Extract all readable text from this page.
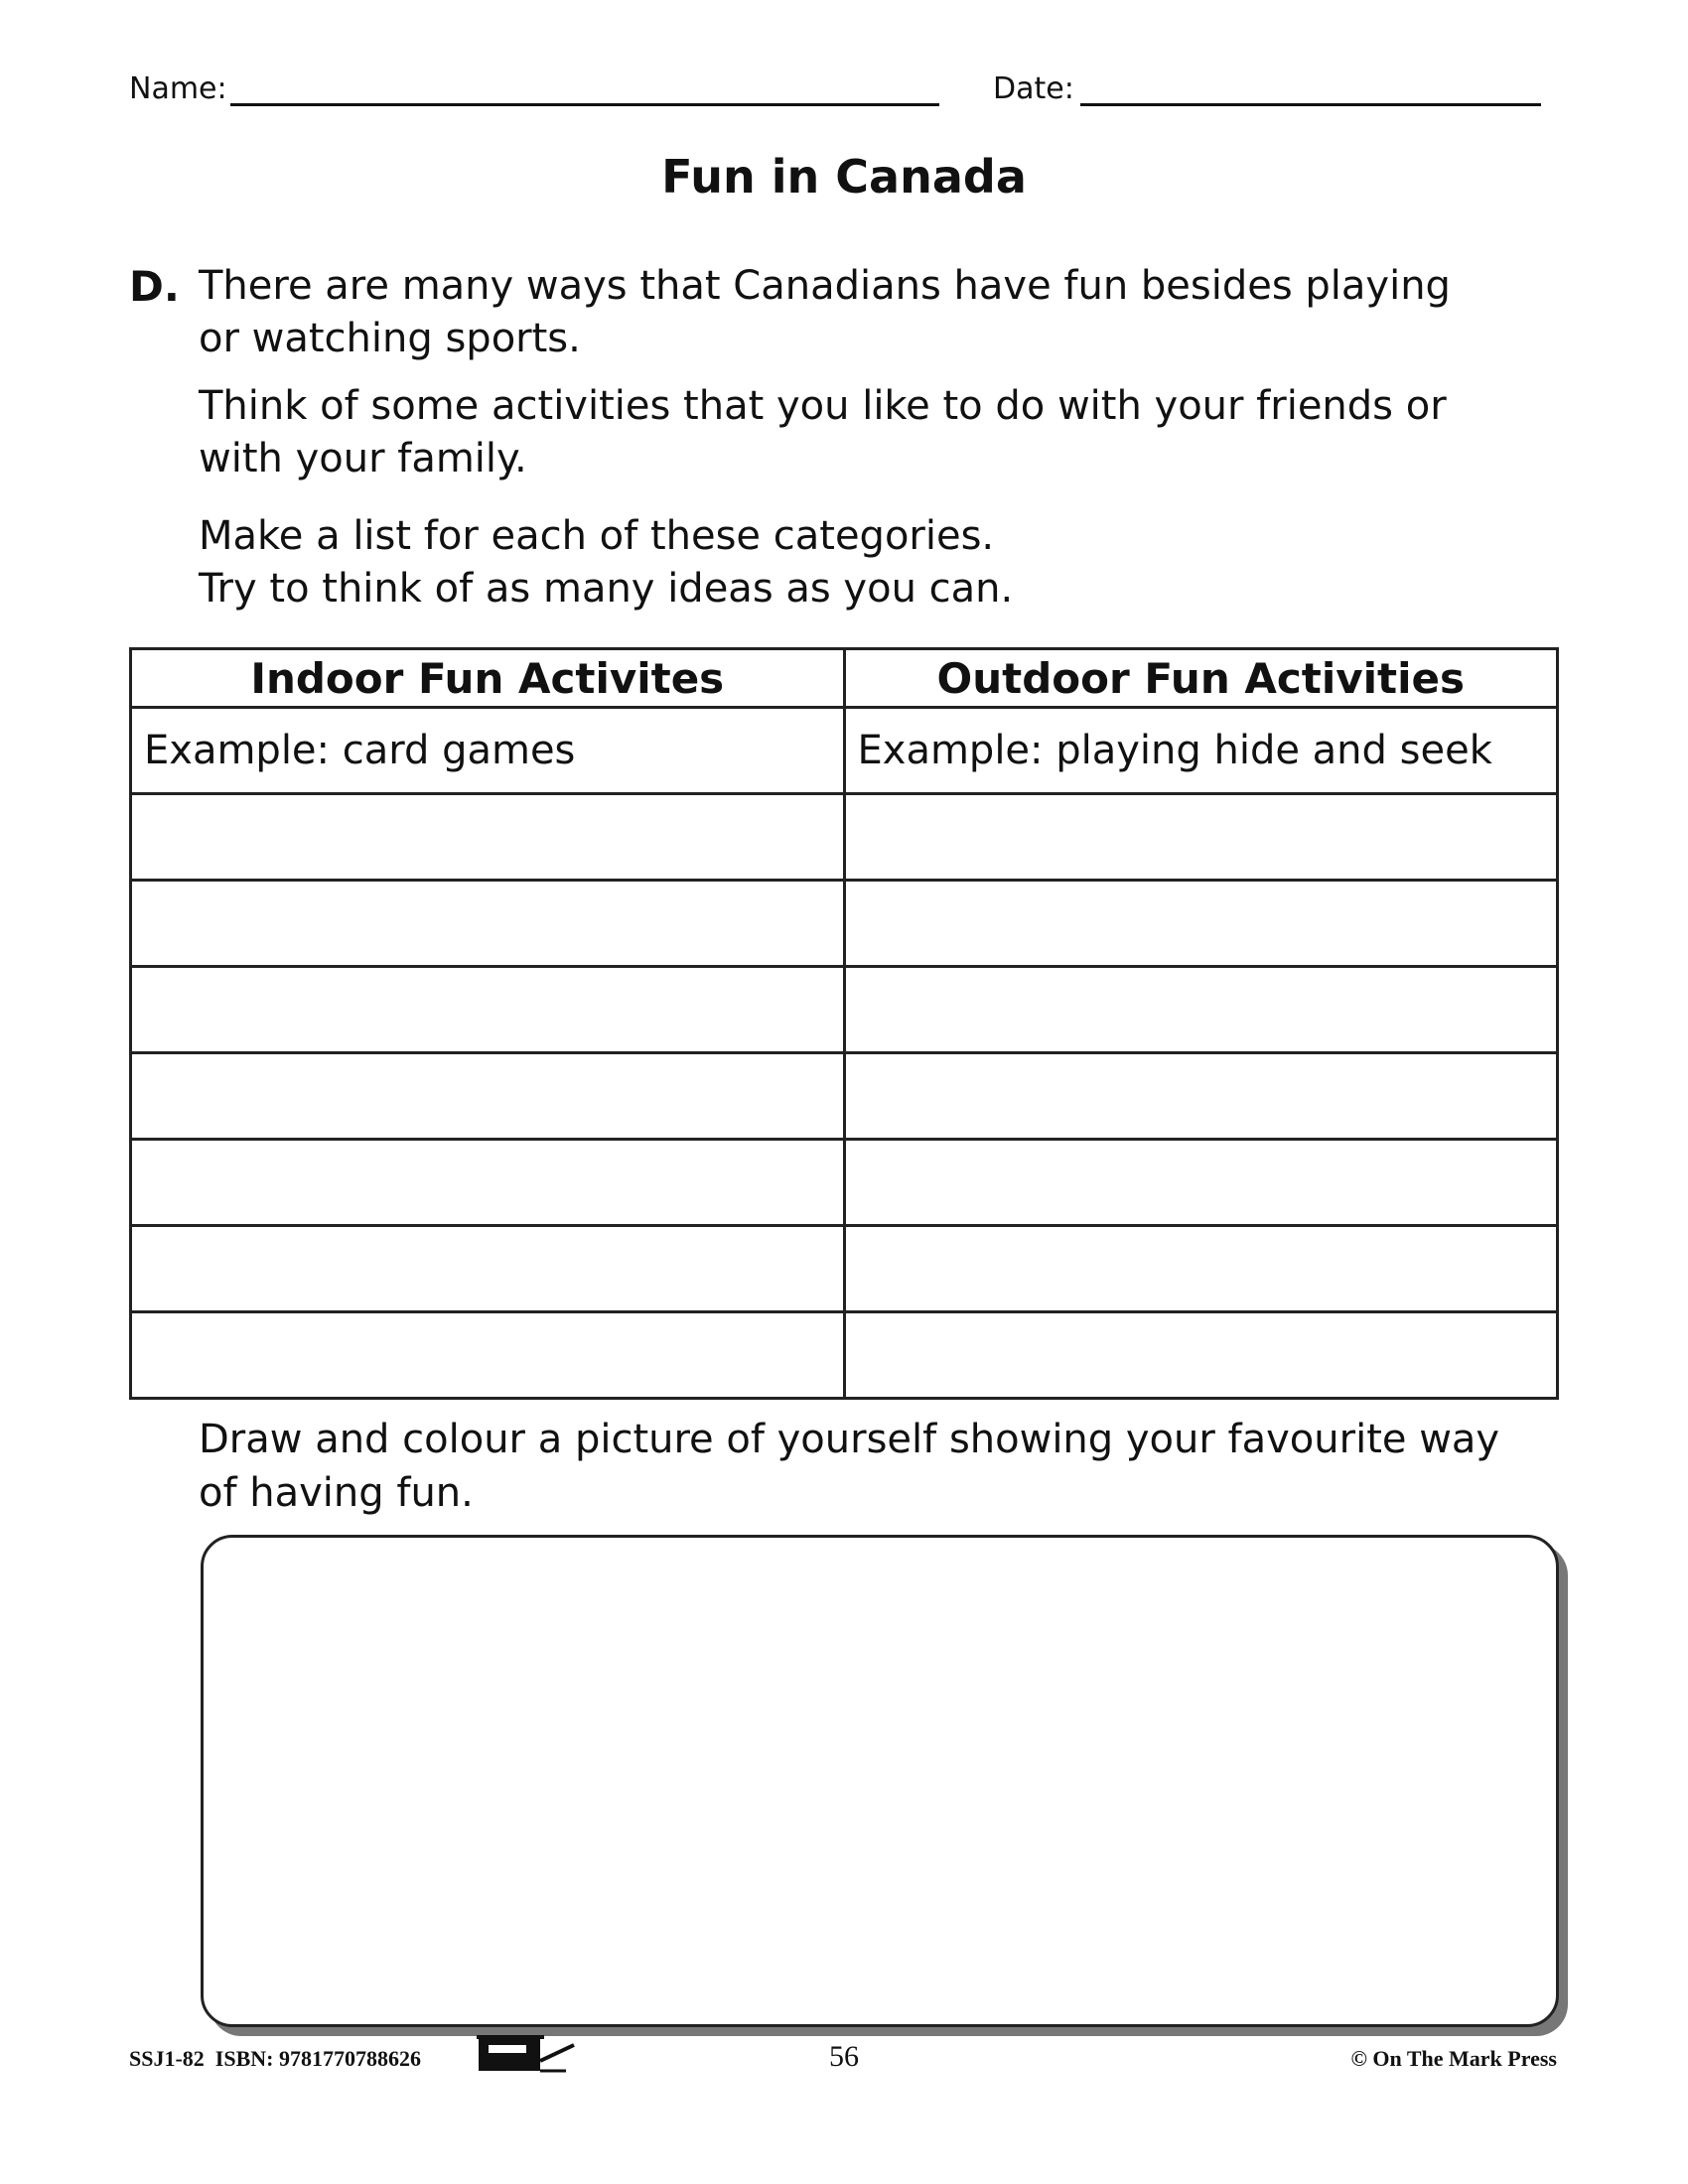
Name:	Date:
Fun in Canada
D. There are many ways that Canadians have fun besides playing
or watching sports.
Think of some activities that you like to do with your friends or
with your family.
Make a list for each of these categories.
Try to think of as many ideas as you can.
Indoor Fun Activites	Outdoor Fun Activities
Example: card games	Example: playing hide and seek

Draw and colour a picture of yourself showing your favourite way
of having fun.
SSJ1-82 ISBN: 9781770788626	56	© On The Mark Press
